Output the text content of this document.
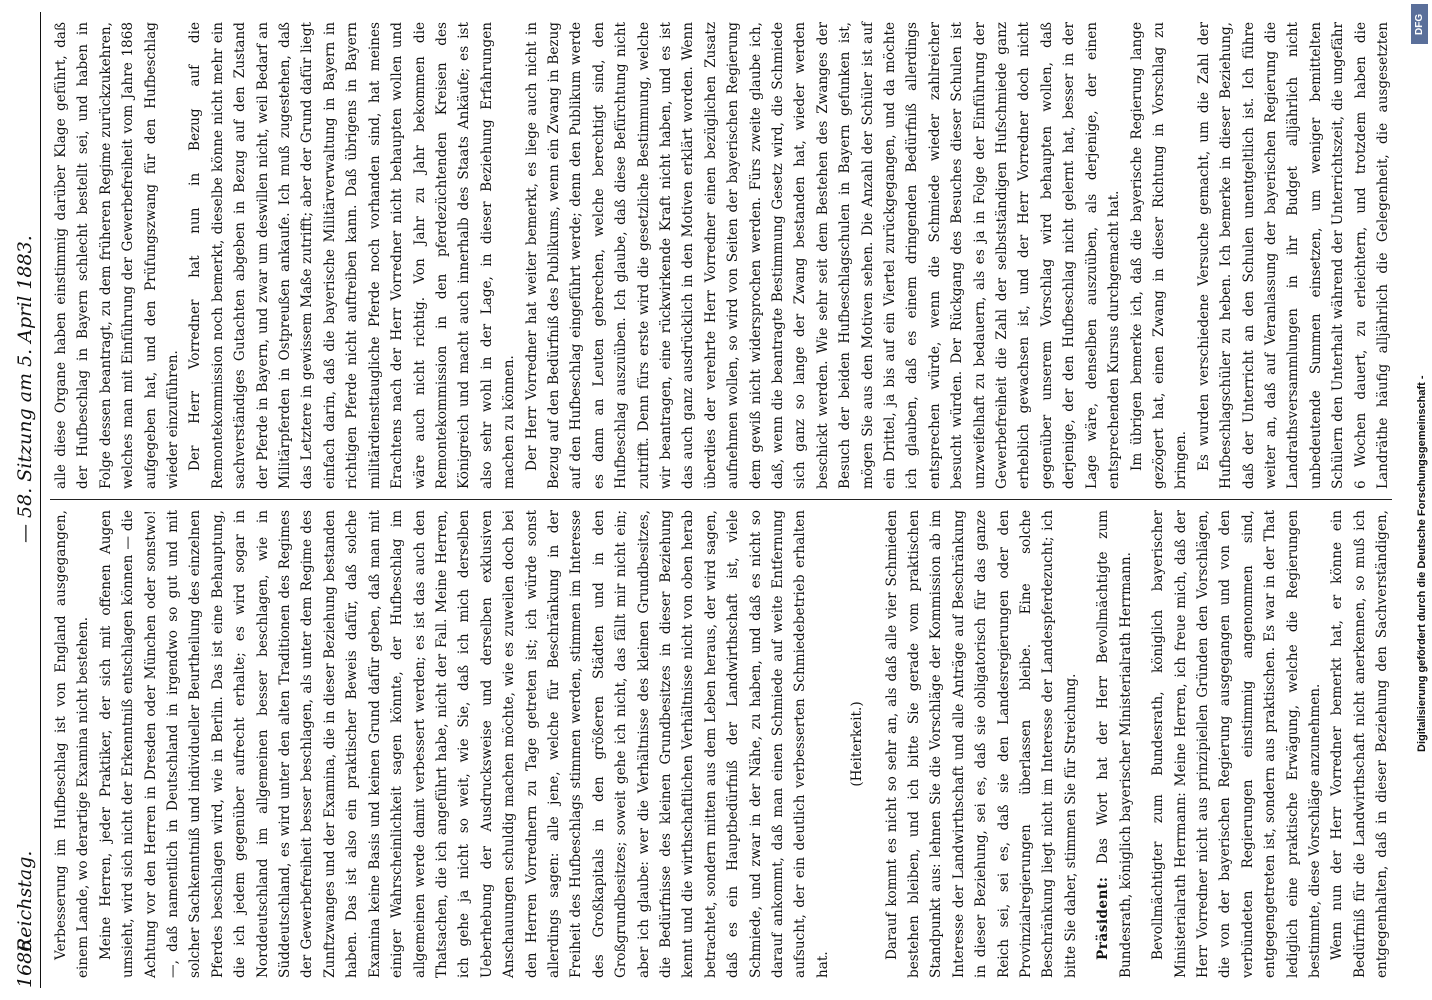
1686
Reichstag.
— 58. Sitzung am 5. April 1883.

Verbesserung im Hufbeschlag ist von England ausgegangen, einem Lande, wo derartige Examina nicht bestehen. Meine Herren, jeder Praktiker, der sich mit offenen Augen umsieht, wird sich nicht der Erkenntniß entschlagen können — die Achtung vor den Herren in Dresden oder München oder sonstwo! —, daß namentlich in Deutschland in irgendwo so gut und mit solcher Sachkenntniß und individueller Beurtheilung des einzelnen Pferdes beschlagen wird, wie in Berlin. Das ist eine Behauptung, die ich jedem gegenüber aufrecht erhalte; es wird sogar in Norddeutschland im allgemeinen besser beschlagen, wie in Süddeutschland, es wird unter den alten Traditionen des Regimes der Gewerbefreiheit besser beschlagen, als unter dem Regime des Zunftzwanges und der Examina, die in dieser Beziehung bestanden haben. Das ist also ein praktischer Beweis dafür, daß solche Examina keine Basis und keinen Grund dafür geben, daß man mit einiger Wahrscheinlichkeit sagen könnte, der Hufbeschlag im allgemeinen werde damit verbessert werden; es ist das auch den Thatsachen, die ich angeführt habe, nicht der Fall. Meine Herren, ich gehe ja nicht so weit, wie Sie, daß ich mich derselben Ueberhebung der Ausdrucksweise und derselben exklusiven Anschauungen schuldig machen möchte, wie es zuweilen doch bei den Herren Vorrednern zu Tage getreten ist; ich würde sonst allerdings sagen: alle jene, welche für Beschränkung in der Freiheit des Hufbeschlags stimmen werden, stimmen im Interesse des Großkapitals in den größeren Städten und in den Großgrundbesitzes; soweit gehe ich nicht, das fällt mir nicht ein; aber ich glaube: wer die Verhältnisse des kleinen Grundbesitzes, die Bedürfnisse des kleinen Grundbesitzes in dieser Beziehung kennt und die wirthschaftlichen Verhältnisse nicht von oben herab betrachtet, sondern mitten aus dem Leben heraus, der wird sagen, daß es ein Hauptbedürfniß der Landwirthschaft ist, viele Schmiede, und zwar in der Nähe, zu haben, und daß es nicht so darauf ankommt, daß man einen Schmiede auf weite Entfernung aufsucht, der ein deutlich verbesserten Schmiedebetrieb erhalten hat.

(Heiterkeit.) Darauf kommt es nicht so sehr an, als daß alle vier Schmieden bestehen bleiben, und ich bitte Sie gerade vom praktischen Standpunkt aus: lehnen Sie die Vorschläge der Kommission ab im Interesse der Landwirthschaft und alle Anträge auf Beschränkung in dieser Beziehung, sei es, daß sie obligatorisch für das ganze Reich sei, sei es, daß sie den Landesregierungen oder den Provinzialregierungen überlassen bleibe. Eine solche Beschränkung liegt nicht im Interesse der Landespferdezucht; ich bitte Sie daher, stimmen Sie für Streichung. Präsident: Das Wort hat der Herr Bevollmächtigte zum Bundesrath, königlich bayerischer Ministerialrath Herrmann. Bevollmächtigter zum Bundesrath, königlich bayerischer Ministerialrath Herrmann: Meine Herren, ich freue mich, daß der Herr Vorredner nicht aus prinzipiellen Gründen den Vorschlägen, die von der bayerischen Regierung ausgegangen und von den verbündeten Regierungen einstimmig angenommen sind, entgegengetreten ist, sondern aus praktischen. Es war in der That lediglich eine praktische Erwägung, welche die Regierungen bestimmte, diese Vorschläge anzunehmen. Wenn nun der Herr Vorredner bemerkt hat, er könne ein Bedürfniß für die Landwirthschaft nicht anerkennen, so muß ich entgegenhalten, daß in dieser Beziehung den Sachverständigen,

alle diese Organe haben einstimmig darüber Klage geführt, daß der Hufbeschlag in Bayern schlecht bestellt sei, und haben in Folge dessen beantragt, zu dem früheren Regime zurückzukehren, welches man mit Einführung der Gewerbefreiheit vom Jahre 1868 aufgegeben hat, und den Prüfungszwang für den Hufbeschlag wieder einzuführen. Der Herr Vorredner hat nun in Bezug auf die Remontekommission noch bemerkt, dieselbe könne nicht mehr ein sachverständiges Gutachten abgeben in Bezug auf den Zustand der Pferde in Bayern, und zwar um deswillen nicht, weil Bedarf an Militärpferden in Ostpreußen ankaufe. Ich muß zugestehen, daß das Letztere in gewissem Maße zutrifft; aber der Grund dafür liegt einfach darin, daß die bayerische Militärverwaltung in Bayern in richtigen Pferde nicht auftreiben kann. Daß übrigens in Bayern militärdiensttaugliche Pferde noch vorhanden sind, hat meines Erachtens nach der Herr Vorredner nicht behaupten wollen und wäre auch nicht richtig. Von Jahr zu Jahr bekommen die Remontekommission in den pferdezüchtenden Kreisen des Königreich und macht auch innerhalb des Staats Ankäufe; es ist also sehr wohl in der Lage, in dieser Beziehung Erfahrungen machen zu können. Der Herr Vorredner hat weiter bemerkt, es liege auch nicht in Bezug auf den Bedürfniß des Publikums, wenn ein Zwang in Bezug auf den Hufbeschlag eingeführt werde; denn den Publikum werde es dann an Leuten gebrechen, welche berechtigt sind, den Hufbeschlag auszuüben. Ich glaube, daß diese Befürchtung nicht zutrifft. Denn fürs erste wird die gesetzliche Bestimmung, welche wir beantragen, eine rückwirkende Kraft nicht haben, und es ist das auch ganz ausdrücklich in den Motiven erklärt worden. Wenn überdies der verehrte Herr Vorredner einen bezüglichen Zusatz aufnehmen wollen, so wird von Seiten der bayerischen Regierung dem gewiß nicht widersprochen werden. Fürs zweite glaube ich, daß, wenn die beantragte Bestimmung Gesetz wird, die Schmiede sich ganz so lange der Zwang bestanden hat, wieder werden beschickt werden. Wie sehr seit dem Bestehen des Zwanges der Besuch der beiden Hufbeschlagschulen in Bayern gefunken ist, mögen Sie aus den Motiven sehen. Die Anzahl der Schüler ist auf ein Drittel, ja bis auf ein Viertel zurückgegangen, und da möchte ich glauben, daß es einem dringenden Bedürfniß allerdings entsprechen würde, wenn die Schmiede wieder zahlreicher besucht würden. Der Rückgang des Besuches dieser Schulen ist unzweifelhaft zu bedauern, als es ja in Folge der Einführung der Gewerbefreiheit die Zahl der selbstständigen Hufschmiede ganz erheblich gewachsen ist, und der Herr Vorredner doch nicht gegenüber unserem Vorschlag wird behaupten wollen, daß derjenige, der den Hufbeschlag nicht gelernt hat, besser in der Lage wäre, denselben auszuüben, als derjenige, der einen entsprechenden Kursus durchgemacht hat. Im übrigen bemerke ich, daß die bayerische Regierung lange gezögert hat, einen Zwang in dieser Richtung in Vorschlag zu bringen. Es wurden verschiedene Versuche gemacht, um die Zahl der Hufbeschlagschüler zu heben. Ich bemerke in dieser Beziehung, daß der Unterricht an den Schulen unentgeltlich ist. Ich führe weiter an, daß auf Veranlassung der bayerischen Regierung die Landrathsversammlungen in ihr Budget alljährlich nicht unbedeutende Summen einsetzen, um weniger bemittelten Schülern den Unterhalt während der Unterrichtszeit, die ungefähr 6 Wochen dauert, zu erleichtern, und trotzdem haben die Landräthe häufig alljährlich die Gelegenheit, die ausgesetzten	DFG
Digitalisierung gefördert durch die Deutsche Forschungsgemeinschaft -
